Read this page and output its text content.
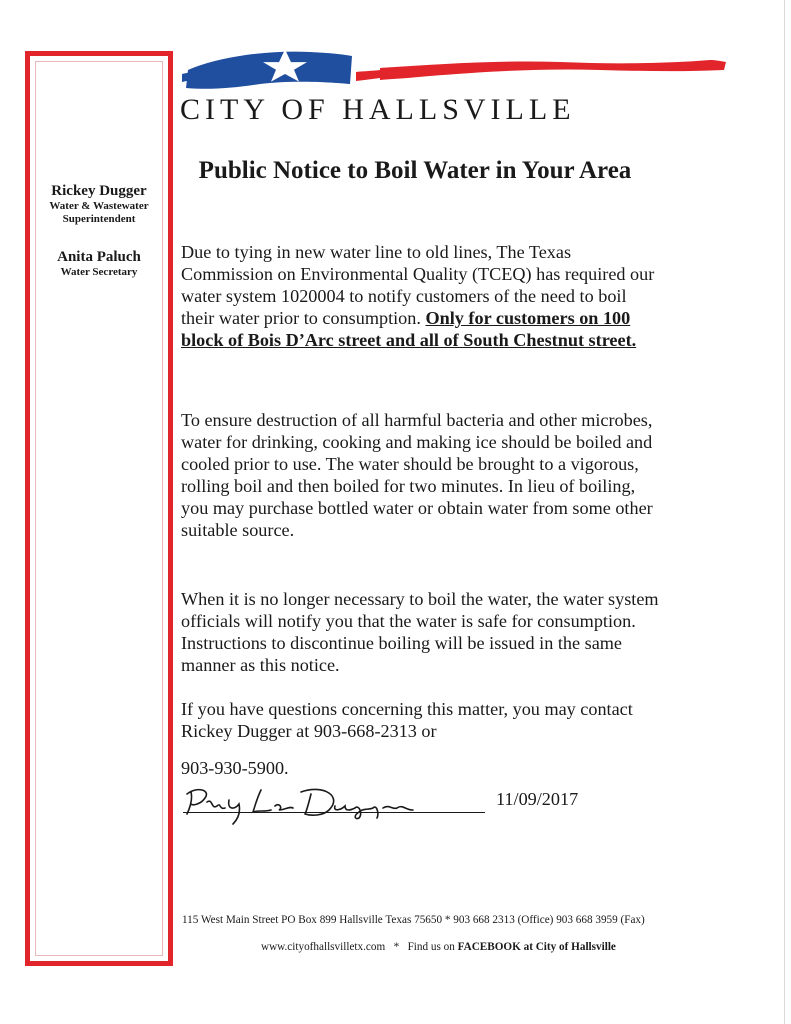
Rickey Dugger
Water & Wastewater
Superintendent
Anita Paluch
Water Secretary
CITY OF HALLSVILLE
Public Notice to Boil Water in Your Area
Due to tying in new water line to old lines, The Texas Commission on Environmental Quality (TCEQ) has required our water system 1020004 to notify customers of the need to boil their water prior to consumption. Only for customers on 100 block of Bois D’Arc street and all of South Chestnut street.
To ensure destruction of all harmful bacteria and other microbes, water for drinking, cooking and making ice should be boiled and cooled prior to use. The water should be brought to a vigorous, rolling boil and then boiled for two minutes. In lieu of boiling, you may purchase bottled water or obtain water from some other suitable source.
When it is no longer necessary to boil the water, the water system officials will notify you that the water is safe for consumption. Instructions to discontinue boiling will be issued in the same manner as this notice.
If you have questions concerning this matter, you may contact Rickey Dugger at 903-668-2313 or
903-930-5900.
11/09/2017
115 West Main Street PO Box 899 Hallsville Texas 75650 * 903 668 2313 (Office) 903 668 3959 (Fax)
www.cityofhallsvilletx.com * Find us on FACEBOOK at City of Hallsville
